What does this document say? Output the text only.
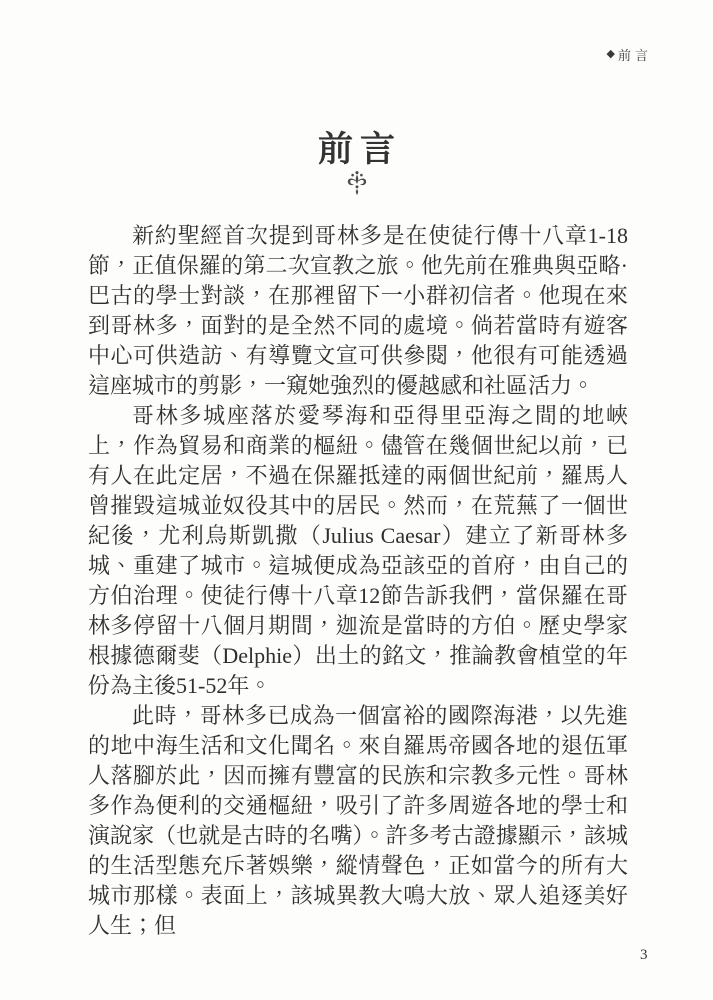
◆ 前言
前言

新約聖經首次提到哥林多是在使徒行傳十八章1-18節，正值保羅的第二次宣教之旅。他先前在雅典與亞略·巴古的學士對談，在那裡留下一小群初信者。他現在來到哥林多，面對的是全然不同的處境。倘若當時有遊客中心可供造訪、有導覽文宣可供參閱，他很有可能透過這座城市的剪影，一窺她強烈的優越感和社區活力。

哥林多城座落於愛琴海和亞得里亞海之間的地峽上，作為貿易和商業的樞紐。儘管在幾個世紀以前，已有人在此定居，不過在保羅抵達的兩個世紀前，羅馬人曾摧毀這城並奴役其中的居民。然而，在荒蕪了一個世紀後，尤利烏斯凱撒（Julius Caesar）建立了新哥林多城、重建了城市。這城便成為亞該亞的首府，由自己的方伯治理。使徒行傳十八章12節告訴我們，當保羅在哥林多停留十八個月期間，迦流是當時的方伯。歷史學家根據德爾斐（Delphie）出土的銘文，推論教會植堂的年份為主後51-52年。

此時，哥林多已成為一個富裕的國際海港，以先進的地中海生活和文化聞名。來自羅馬帝國各地的退伍軍人落腳於此，因而擁有豐富的民族和宗教多元性。哥林多作為便利的交通樞紐，吸引了許多周遊各地的學士和演說家（也就是古時的名嘴）。許多考古證據顯示，該城的生活型態充斥著娛樂，縱情聲色，正如當今的所有大城市那樣。表面上，該城異教大鳴大放、眾人追逐美好人生；但

3
